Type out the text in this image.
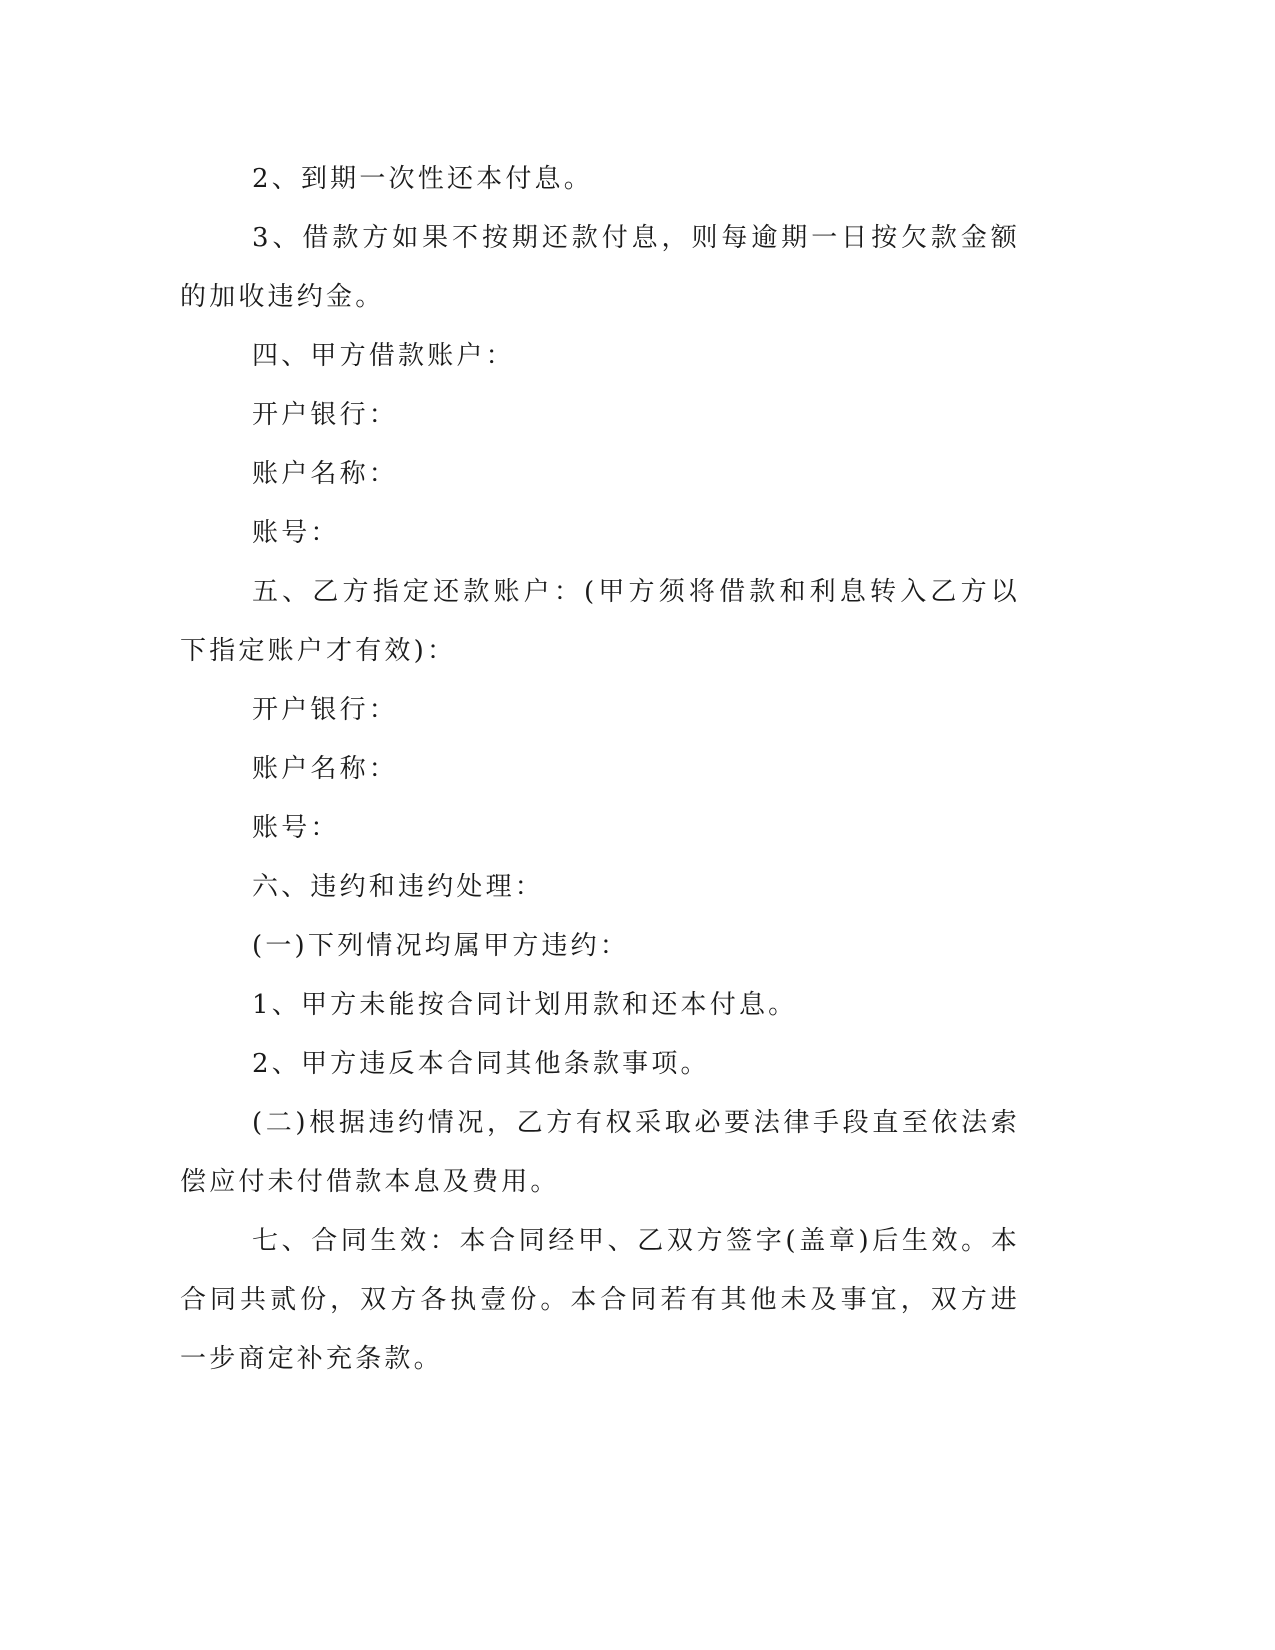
2、到期一次性还本付息。

3、借款方如果不按期还款付息，则每逾期一日按欠款金额的加收违约金。

四、甲方借款账户：

开户银行：

账户名称：

账号：

五、乙方指定还款账户：(甲方须将借款和利息转入乙方以下指定账户才有效)：

开户银行：

账户名称：

账号：

六、违约和违约处理：

(一)下列情况均属甲方违约：

1、甲方未能按合同计划用款和还本付息。

2、甲方违反本合同其他条款事项。

(二)根据违约情况，乙方有权采取必要法律手段直至依法索偿应付未付借款本息及费用。

七、合同生效：本合同经甲、乙双方签字(盖章)后生效。本合同共贰份，双方各执壹份。本合同若有其他未及事宜，双方进一步商定补充条款。
